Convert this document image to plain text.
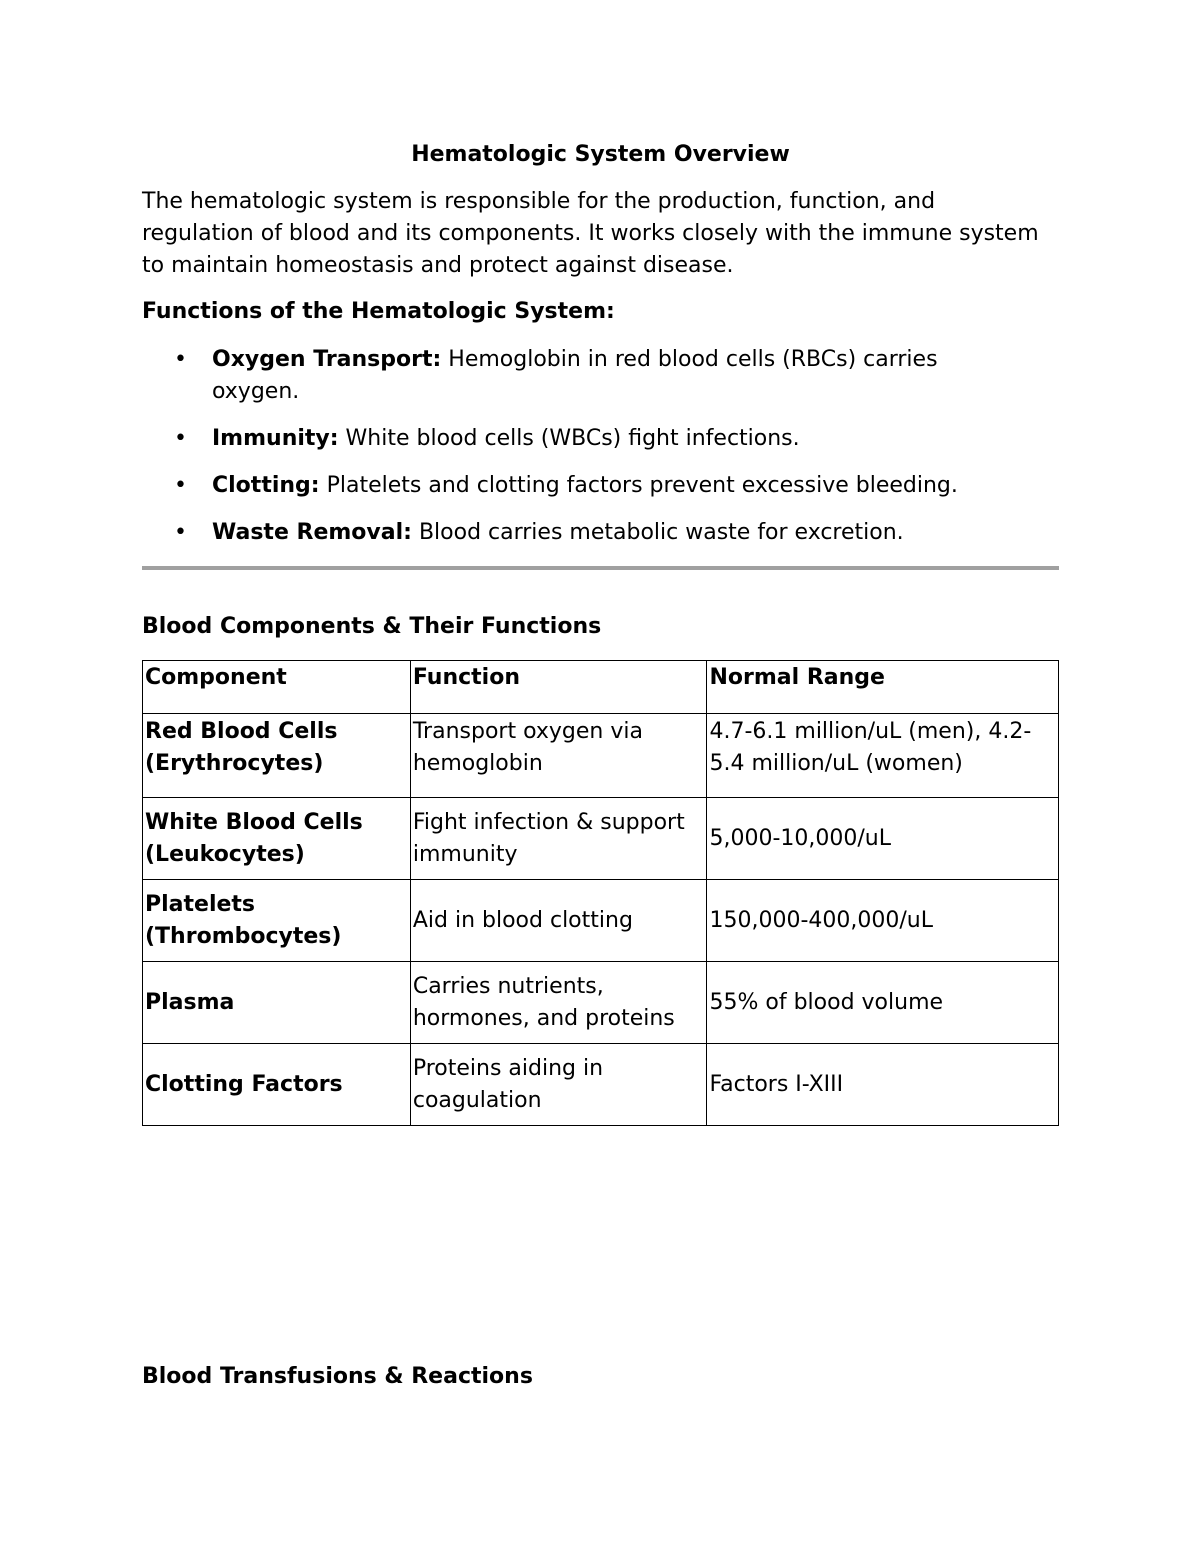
Hematologic System Overview

The hematologic system is responsible for the production, function, and regulation of blood and its components. It works closely with the immune system to maintain homeostasis and protect against disease.

Functions of the Hematologic System:
• Oxygen Transport: Hemoglobin in red blood cells (RBCs) carries oxygen.
• Immunity: White blood cells (WBCs) fight infections.
• Clotting: Platelets and clotting factors prevent excessive bleeding.
• Waste Removal: Blood carries metabolic waste for excretion.
Blood Components & Their Functions
Component	Function	Normal Range
Red Blood Cells (Erythrocytes)	Transport oxygen via hemoglobin	4.7-6.1 million/uL (men), 4.2-5.4 million/uL (women)
White Blood Cells (Leukocytes)	Fight infection & support immunity	5,000-10,000/uL
Platelets (Thrombocytes)	Aid in blood clotting	150,000-400,000/uL
Plasma	Carries nutrients, hormones, and proteins	55% of blood volume
Clotting Factors	Proteins aiding in coagulation	Factors I-XIII
Blood Transfusions & Reactions
